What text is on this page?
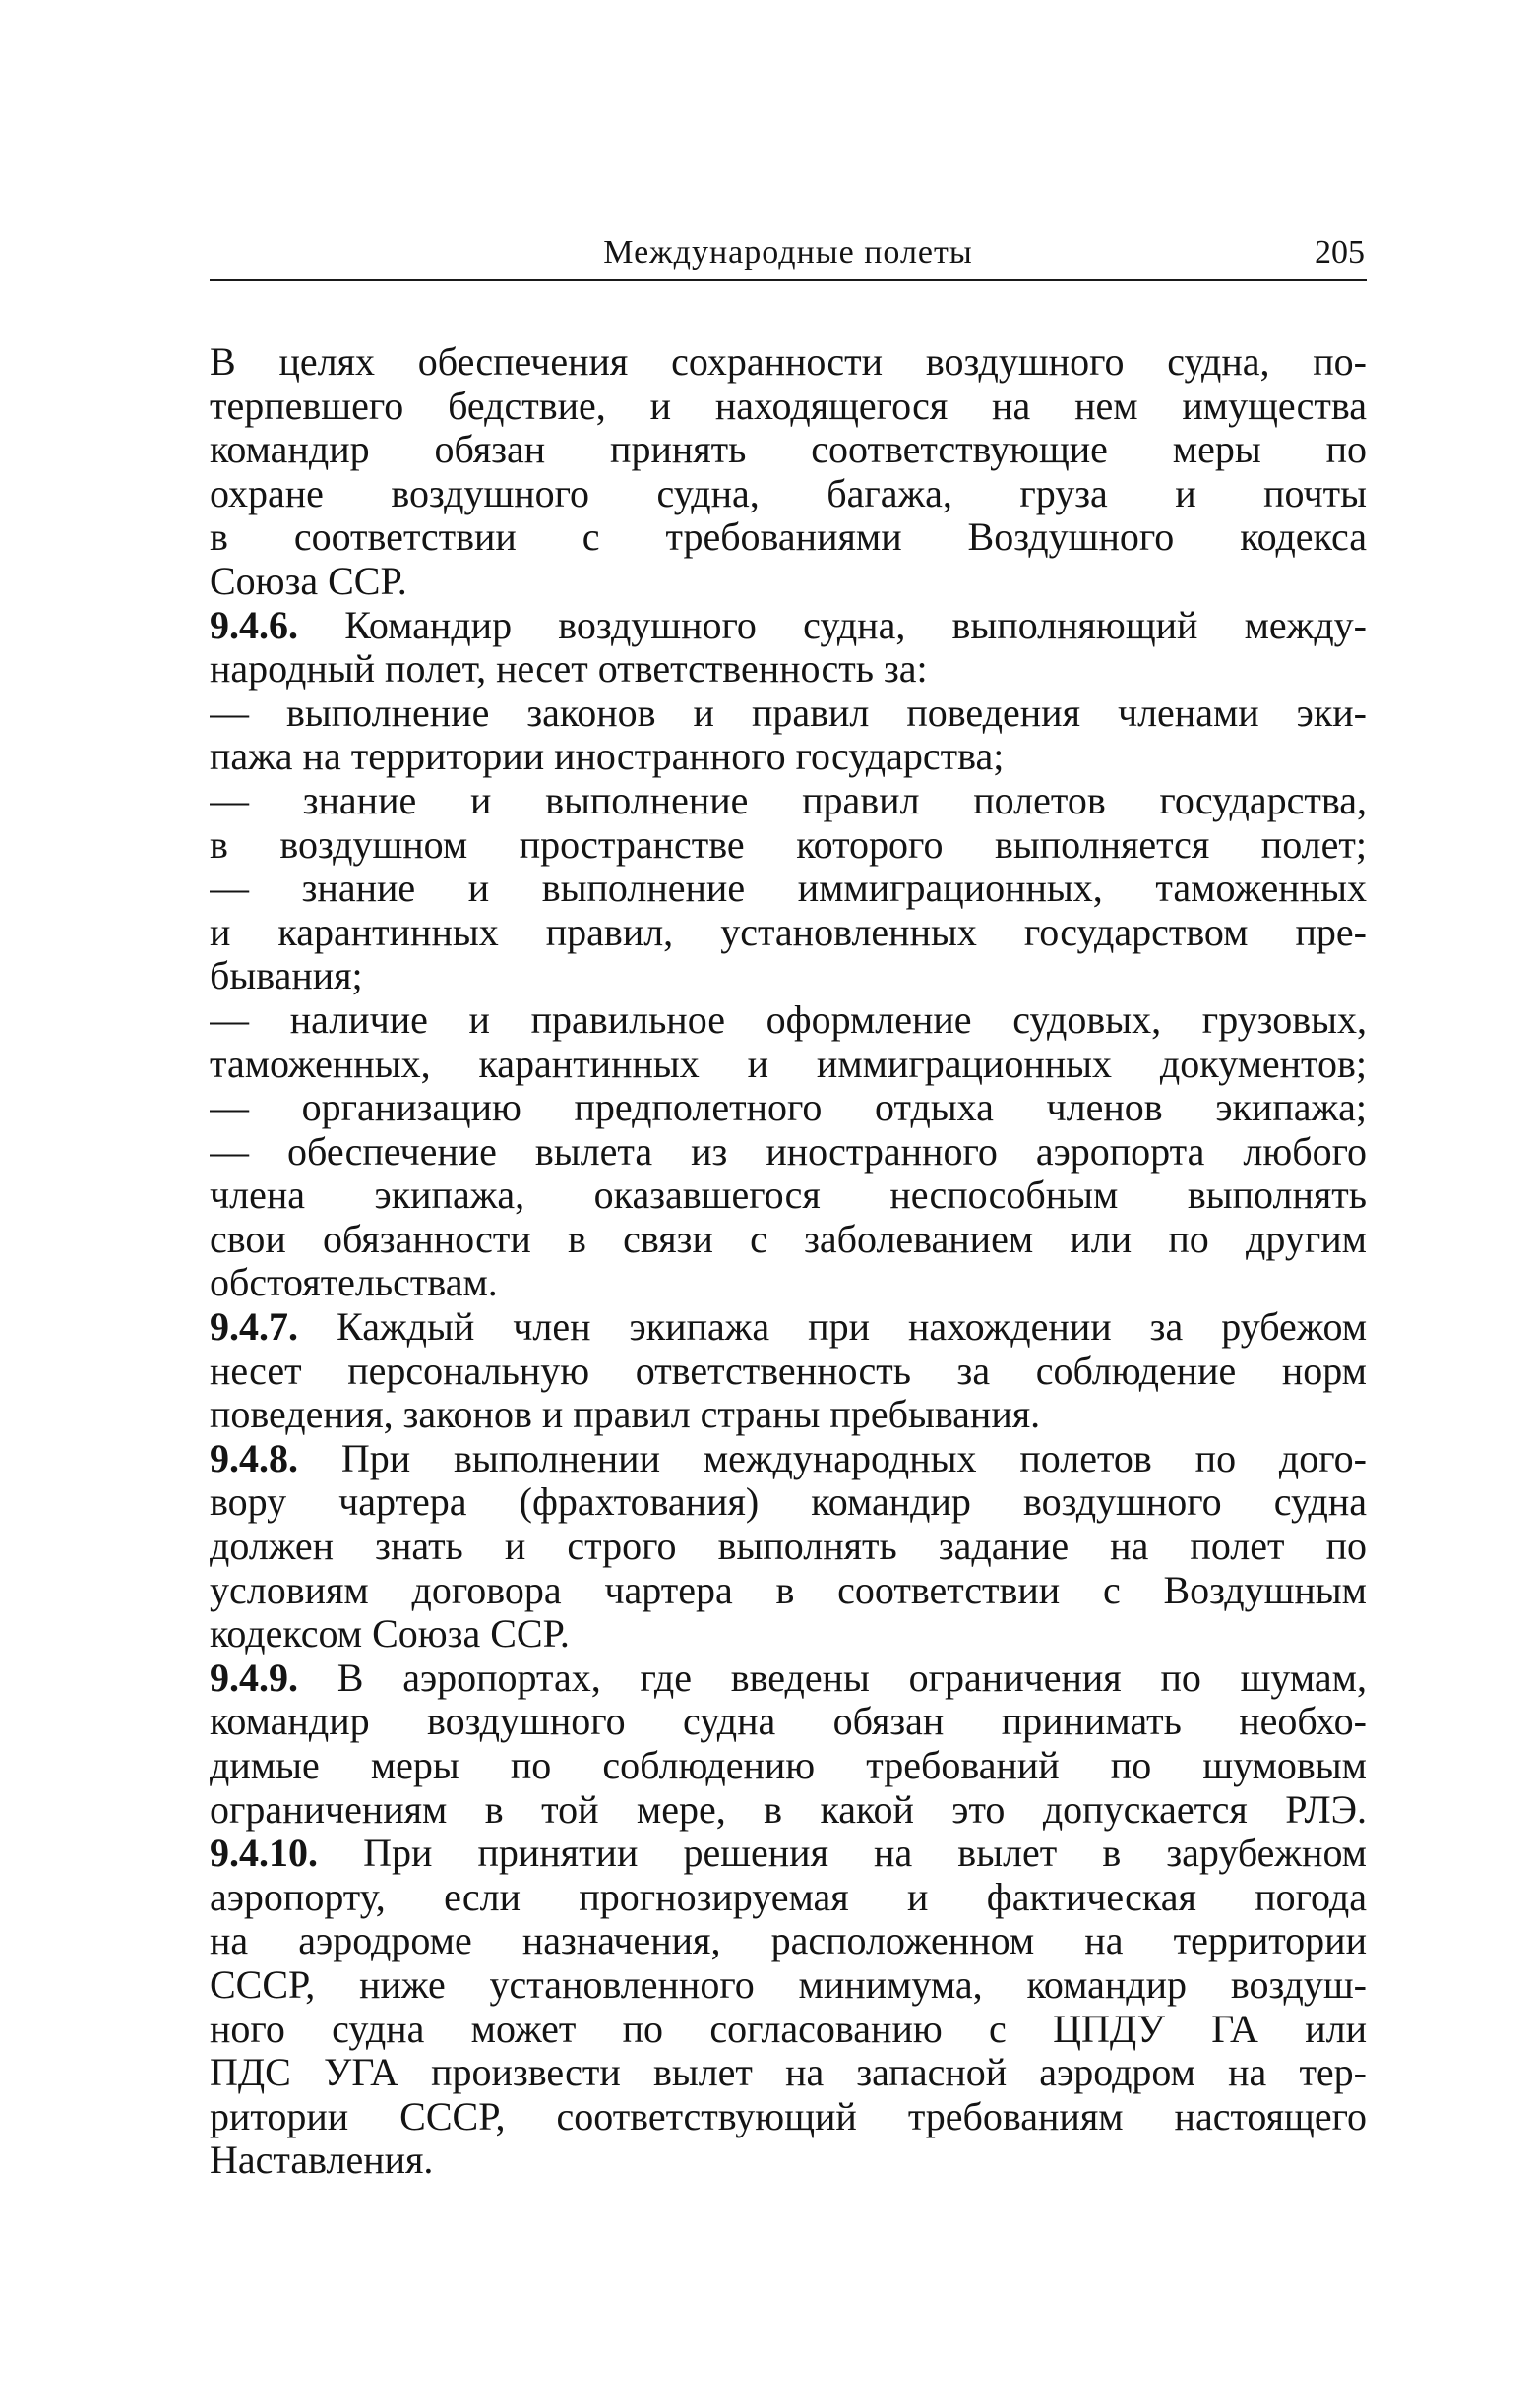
Международные полеты	205
В целях обеспечения сохранности воздушного судна, по-
терпевшего бедствие, и находящегося на нем имущества
командир обязан принять соответствующие меры по
охране воздушного судна, багажа, груза и почты
в соответствии с требованиями Воздушного кодекса
Союза ССР.
9.4.6. Командир воздушного судна, выполняющий между-
народный полет, несет ответственность за:
— выполнение законов и правил поведения членами эки-
пажа на территории иностранного государства;
— знание и выполнение правил полетов государства,
в воздушном пространстве которого выполняется полет;
— знание и выполнение иммиграционных, таможенных
и карантинных правил, установленных государством пре-
бывания;
— наличие и правильное оформление судовых, грузовых,
таможенных, карантинных и иммиграционных документов;
— организацию предполетного отдыха членов экипажа;
— обеспечение вылета из иностранного аэропорта любого
члена экипажа, оказавшегося неспособным выполнять
свои обязанности в связи с заболеванием или по другим
обстоятельствам.
9.4.7. Каждый член экипажа при нахождении за рубежом
несет персональную ответственность за соблюдение норм
поведения, законов и правил страны пребывания.
9.4.8. При выполнении международных полетов по дого-
вору чартера (фрахтования) командир воздушного судна
должен знать и строго выполнять задание на полет по
условиям договора чартера в соответствии с Воздушным
кодексом Союза ССР.
9.4.9. В аэропортах, где введены ограничения по шумам,
командир воздушного судна обязан принимать необхо-
димые меры по соблюдению требований по шумовым
ограничениям в той мере, в какой это допускается РЛЭ.
9.4.10. При принятии решения на вылет в зарубежном
аэропорту, если прогнозируемая и фактическая погода
на аэродроме назначения, расположенном на территории
СССР, ниже установленного минимума, командир воздуш-
ного судна может по согласованию с ЦПДУ ГА или
ПДС УГА произвести вылет на запасной аэродром на тер-
ритории СССР, соответствующий требованиям настоящего
Наставления.
